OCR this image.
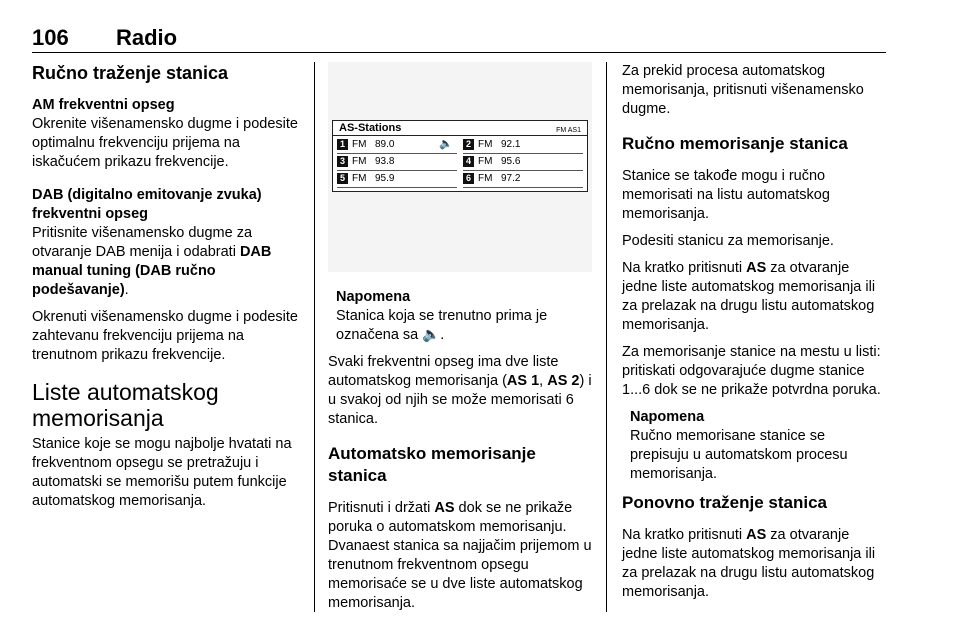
106 Radio
Ručno traženje stanica
AM frekventni opseg

Okrenite višenamensko dugme i podesite optimalnu frekvenciju prijema na iskačućem prikazu frekvencije.

DAB (digitalno emitovanje zvuka) frekventni opseg

Pritisnite višenamensko dugme za otvaranje DAB menija i odabrati DAB manual tuning (DAB ručno podešavanje).

Okrenuti višenamensko dugme i podesite zahtevanu frekvenciju prijema na trenutnom prikazu frekvencije.

Liste automatskog memorisanja

Stanice koje se mogu najbolje hvatati na frekventnom opsegu se pretražuju i automatski se memorišu putem funkcije automatskog memorisanja.

AS-Stations	FM AS1
1 FM 89.0	🔈	2 FM 92.1
3 FM 93.8	4 FM 95.6
5 FM 95.9	6 FM 97.2
Napomena

Stanica koja se trenutno prima je označena sa 🔈.

Svaki frekventni opseg ima dve liste automatskog memorisanja (AS 1, AS 2) i u svakoj od njih se može memorisati 6 stanica.

Automatsko memorisanje stanica

Pritisnuti i držati AS dok se ne prikaže poruka o automatskom memorisanju. Dvanaest stanica sa najjačim prijemom u trenutnom frekventnom opsegu memorisaće se u dve liste automatskog memorisanja.

Za prekid procesa automatskog memorisanja, pritisnuti višenamensko dugme.

Ručno memorisanje stanica

Stanice se takođe mogu i ručno memorisati na listu automatskog memorisanja.

Podesiti stanicu za memorisanje.

Na kratko pritisnuti AS za otvaranje jedne liste automatskog memorisanja ili za prelazak na drugu listu automatskog memorisanja.

Za memorisanje stanice na mestu u listi: pritiskati odgovarajuće dugme stanice 1...6 dok se ne prikaže potvrdna poruka.

Napomena

Ručno memorisane stanice se prepisuju u automatskom procesu memorisanja.

Ponovno traženje stanica

Na kratko pritisnuti AS za otvaranje jedne liste automatskog memorisanja ili za prelazak na drugu listu automatskog memorisanja.
